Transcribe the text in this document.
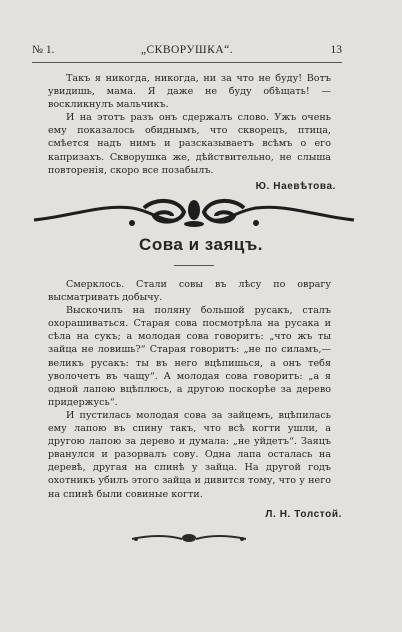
№ 1.	„СКВОРУШКА“.	13

Такъ я никогда, никогда, ни за что не буду! Вотъ увидишь, мама. Я даже не буду обѣщать! —воскликнулъ мальчикъ.

И на этотъ разъ онъ сдержалъ слово. Ужъ очень ему показалось обиднымъ, что скворецъ, птица, смѣется надъ нимъ и разсказываетъ всѣмъ о его капризахъ. Скворушка же, дѣйствительно, не слыша повторенія, скоро все позабылъ.

Ю. Наевѣтова.
Сова и заяцъ.

Смерклось. Стали совы въ лѣсу по оврагу высматривать добычу.

Выскочилъ на поляну большой русакъ, сталъ охорашиваться. Старая сова посмотрѣла на русака и сѣла на сукъ; а молодая сова говоритъ: „что жъ ты зайца не ловишь?“ Старая говоритъ: „не по силамъ,—великъ русакъ: ты въ него вцѣпишься, а онъ тебя уволочетъ въ чащу“. А молодая сова говоритъ: „а я одной лапою вцѣплюсь, а другою поскорѣе за дерево придержусь“.

И пустилась молодая сова за зайцемъ, вцѣпилась ему лапою въ спину такъ, что всѣ когти ушли, а другою лапою за дерево и думала: „не уйдетъ“. Заяцъ рванулся и разорвалъ сову. Одна лапа осталась на деревѣ, другая на спинѣ у зайца. На другой годъ охотникъ убилъ этого зайца и дивится тому, что у него на спинѣ были совиные когти.

Л. Н. Толстой.
